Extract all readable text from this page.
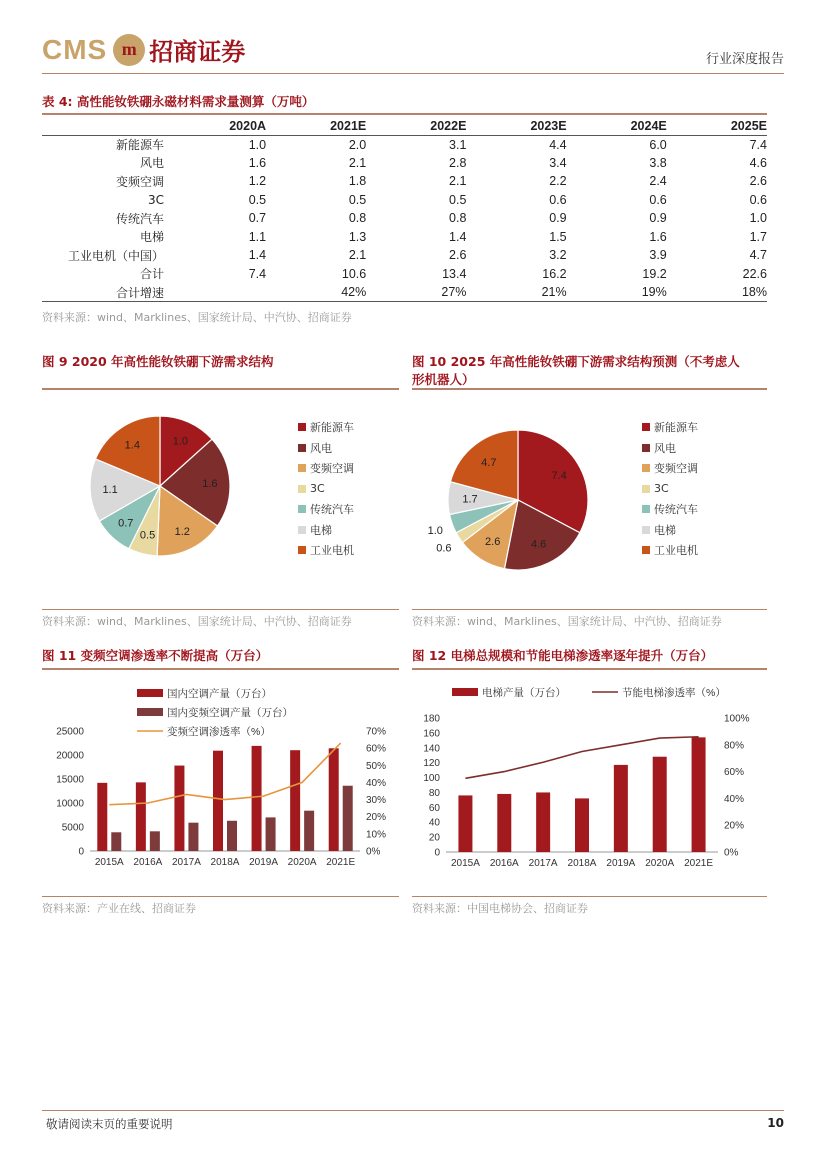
CMS m 招商证券	行业深度报告
表 4: 高性能钕铁硼永磁材料需求量测算（万吨）
	2020A	2021E	2022E	2023E	2024E	2025E
新能源车	1.0	2.0	3.1	4.4	6.0	7.4
风电	1.6	2.1	2.8	3.4	3.8	4.6
变频空调	1.2	1.8	2.1	2.2	2.4	2.6
3C	0.5	0.5	0.5	0.6	0.6	0.6
传统汽车	0.7	0.8	0.8	0.9	0.9	1.0
电梯	1.1	1.3	1.4	1.5	1.6	1.7
工业电机（中国）	1.4	2.1	2.6	3.2	3.9	4.7
合计	7.4	10.6	13.4	16.2	19.2	22.6
合计增速		42%	27%	21%	19%	18%
资料来源：wind、Marklines、国家统计局、中汽协、招商证券
图 9 2020 年高性能钕铁硼下游需求结构	图 10 2025 年高性能钕铁硼下游需求结构预测（不考虑人
形机器人）
1.0
1.6
1.2
0.5
0.7
1.1
1.4
新能源车
风电
变频空调
3C
传统汽车
电梯
工业电机
7.4
4.6
2.6
0.6
1.0
1.7
4.7
新能源车
风电
变频空调
3C
传统汽车
电梯
工业电机
资料来源：wind、Marklines、国家统计局、中汽协、招商证券	资料来源：wind、Marklines、国家统计局、中汽协、招商证券
图 11 变频空调渗透率不断提高（万台）	图 12 电梯总规模和节能电梯渗透率逐年提升（万台）
0
5000
10000
15000
20000
25000
0%
10%
20%
30%
40%
50%
60%
70%
2015A 2016A 2017A 2018A 2019A 2020A 2021E
国内空调产量（万台）
国内变频空调产量（万台）
变频空调渗透率（%）
0
20
40
60
80
100
120
140
160
180
0%
20%
40%
60%
80%
100%
2015A 2016A 2017A 2018A 2019A 2020A 2021E
电梯产量（万台）	节能电梯渗透率（%）
资料来源：产业在线、招商证券	资料来源：中国电梯协会、招商证券
敬请阅读末页的重要说明	10
